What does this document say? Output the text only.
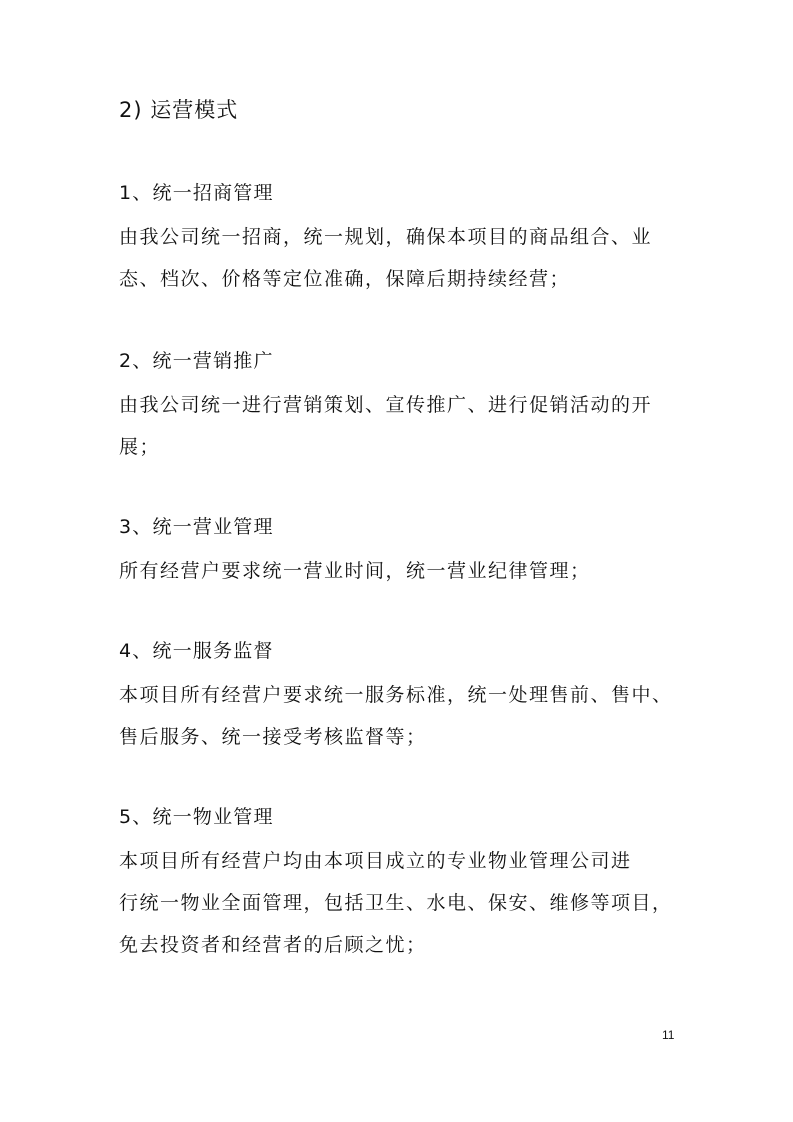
2) 运营模式
1、统一招商管理
由我公司统一招商，统一规划，确保本项目的商品组合、业
态、档次、价格等定位准确，保障后期持续经营；
2、统一营销推广
由我公司统一进行营销策划、宣传推广、进行促销活动的开
展；
3、统一营业管理
所有经营户要求统一营业时间，统一营业纪律管理；
4、统一服务监督
本项目所有经营户要求统一服务标准，统一处理售前、售中、
售后服务、统一接受考核监督等；
5、统一物业管理
本项目所有经营户均由本项目成立的专业物业管理公司进
行统一物业全面管理，包括卫生、水电、保安、维修等项目，
免去投资者和经营者的后顾之忧；
11
